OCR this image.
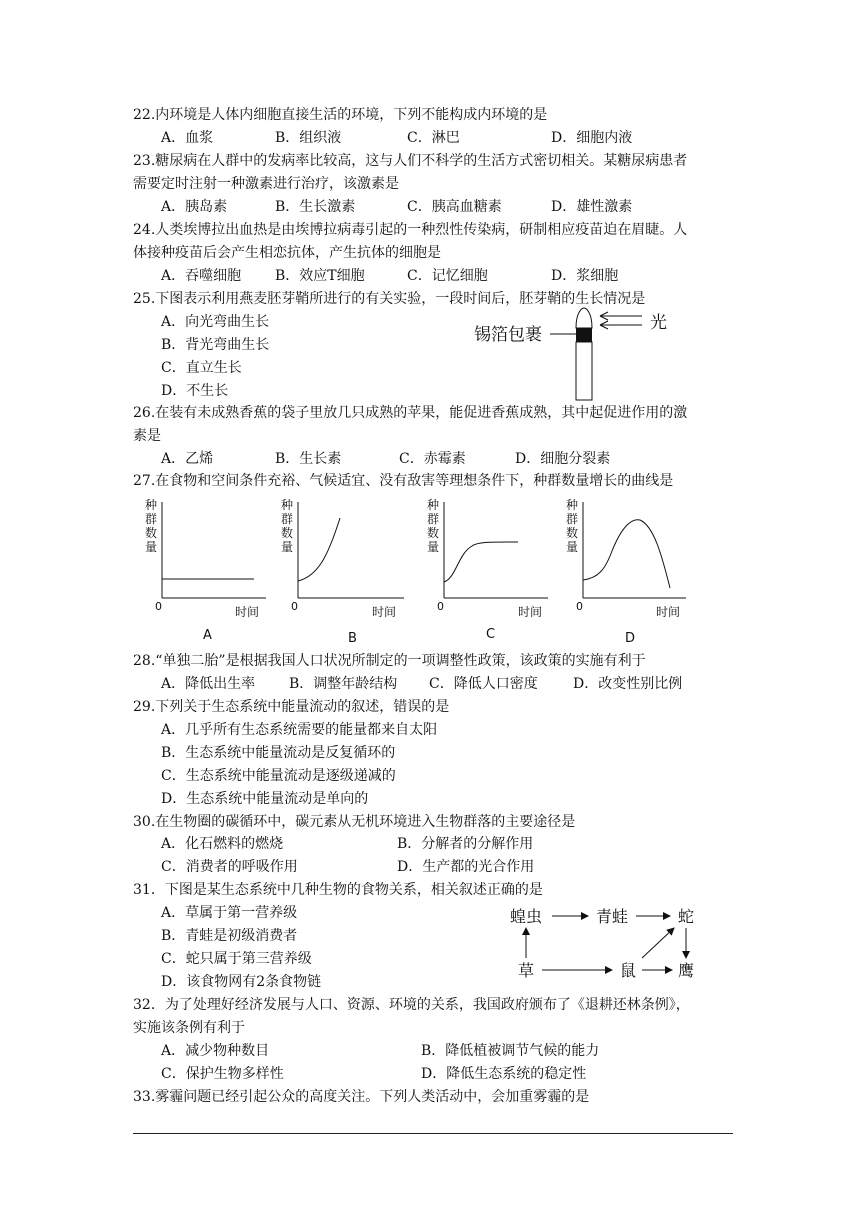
22.内环境是人体内细胞直接生活的环境，下列不能构成内环境的是
A．血浆	B．组织液	C．淋巴	D．细胞内液
23.糖尿病在人群中的发病率比较高，这与人们不科学的生活方式密切相关。某糖尿病患者
需要定时注射一种激素进行治疗，该激素是
A．胰岛素	B．生长激素	C．胰高血糖素	D．雄性激素
24.人类埃博拉出血热是由埃博拉病毒引起的一种烈性传染病，研制相应疫苗迫在眉睫。人
体接种疫苗后会产生相恋抗体，产生抗体的细胞是
A．吞噬细胞 B．效应T细胞	C．记忆细胞	D．浆细胞
25.下图表示利用燕麦胚芽鞘所进行的有关实验，一段时间后，胚芽鞘的生长情况是
A．向光弯曲生长
B．背光弯曲生长
C．直立生长
D．不生长
锡箔包裹
光
26.在装有未成熟香蕉的袋子里放几只成熟的苹果，能促进香蕉成熟，其中起促进作用的激
素是
A．乙烯	B．生长素	C．赤霉素	D．细胞分裂素
27.在食物和空间条件充裕、气候适宜、没有敌害等理想条件下，种群数量增长的曲线是
种
群
数
量
0	时间
A
种
群
数
量
0	时间
B
种
群
数
量
0	时间
C
种
群
数
量
0	时间
D
28.“单独二胎”是根据我国人口状况所制定的一项调整性政策，该政策的实施有利于
A．降低出生率 B．调整年龄结构 C．降低人口密度	D．改变性别比例
29.下列关于生态系统中能量流动的叙述，错误的是
A．几乎所有生态系统需要的能量都来自太阳
B．生态系统中能量流动是反复循环的
C．生态系统中能量流动是逐级递减的
D．生态系统中能量流动是单向的
30.在生物圈的碳循环中，碳元素从无机环境进入生物群落的主要途径是
A．化石燃料的燃烧	B．分解者的分解作用
C．消费者的呼吸作用	D．生产都的光合作用
31．下图是某生态系统中几种生物的食物关系，相关叙述正确的是
A．草属于第一营养级
B．青蛙是初级消费者
C．蛇只属于第三营养级
D．该食物网有2条食物链
蝗虫	青蛙	蛇
草	鼠	鹰
32．为了处理好经济发展与人口、资源、环境的关系，我国政府颁布了《退耕还林条例》，
实施该条例有利于
A．减少物种数目	B．降低植被调节气候的能力
C．保护生物多样性	D．降低生态系统的稳定性
33.雾霾问题已经引起公众的高度关注。下列人类活动中，会加重雾霾的是
